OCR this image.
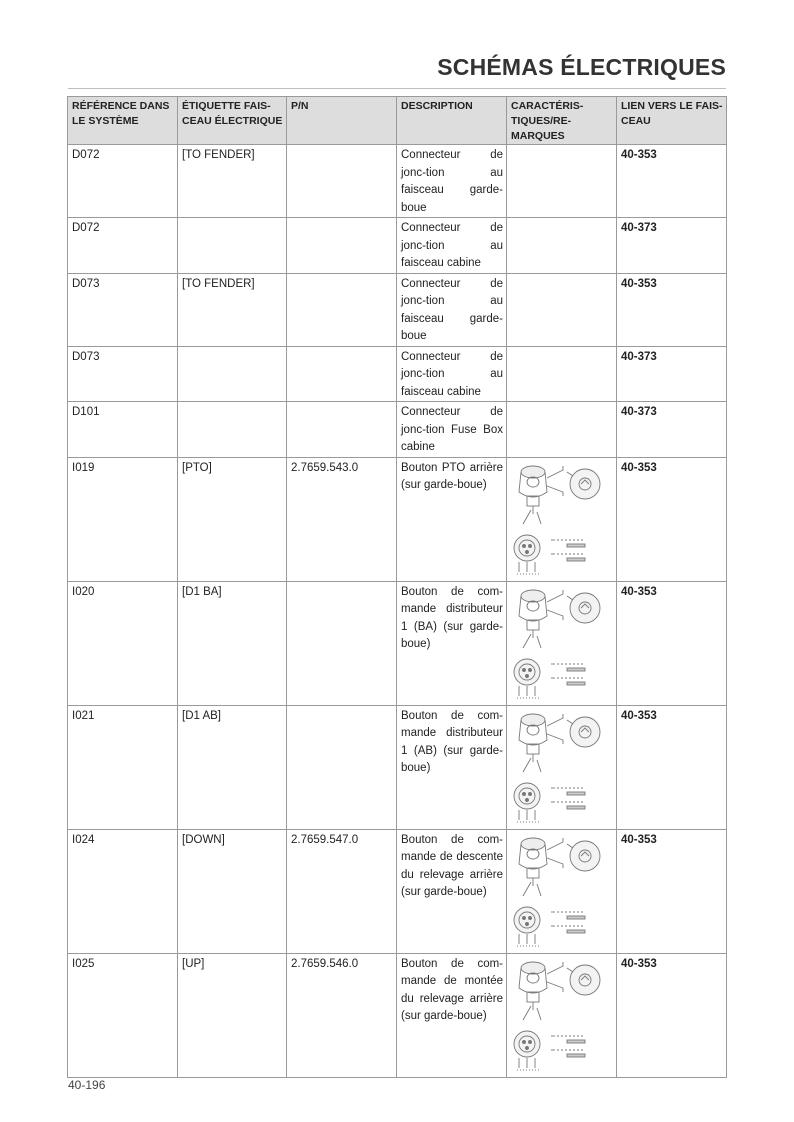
SCHÉMAS ÉLECTRIQUES
RÉFÉRENCE DANS LE SYSTÈME	ÉTIQUETTE FAIS-CEAU ÉLECTRIQUE	P/N	DESCRIPTION	CARACTÉRIS-TIQUES/RE-MARQUES	LIEN VERS LE FAIS-CEAU
D072	[TO FENDER]		Connecteur de jonc-tion au faisceau garde-boue		40-353
D072			Connecteur de jonc-tion au faisceau cabine		40-373
D073	[TO FENDER]		Connecteur de jonc-tion au faisceau garde-boue		40-353
D073			Connecteur de jonc-tion au faisceau cabine		40-373
D101			Connecteur de jonc-tion Fuse Box cabine		40-373
I019	[PTO]	2.7659.543.0	Bouton PTO arrière (sur garde-boue)		40-353
I020	[D1 BA]		Bouton de com-mande distributeur 1 (BA) (sur garde-boue)		40-353
I021	[D1 AB]		Bouton de com-mande distributeur 1 (AB) (sur garde-boue)		40-353
I024	[DOWN]	2.7659.547.0	Bouton de com-mande de descente du relevage arrière (sur garde-boue)		40-353
I025	[UP]	2.7659.546.0	Bouton de com-mande de montée du relevage arrière (sur garde-boue)		40-353
40-196
